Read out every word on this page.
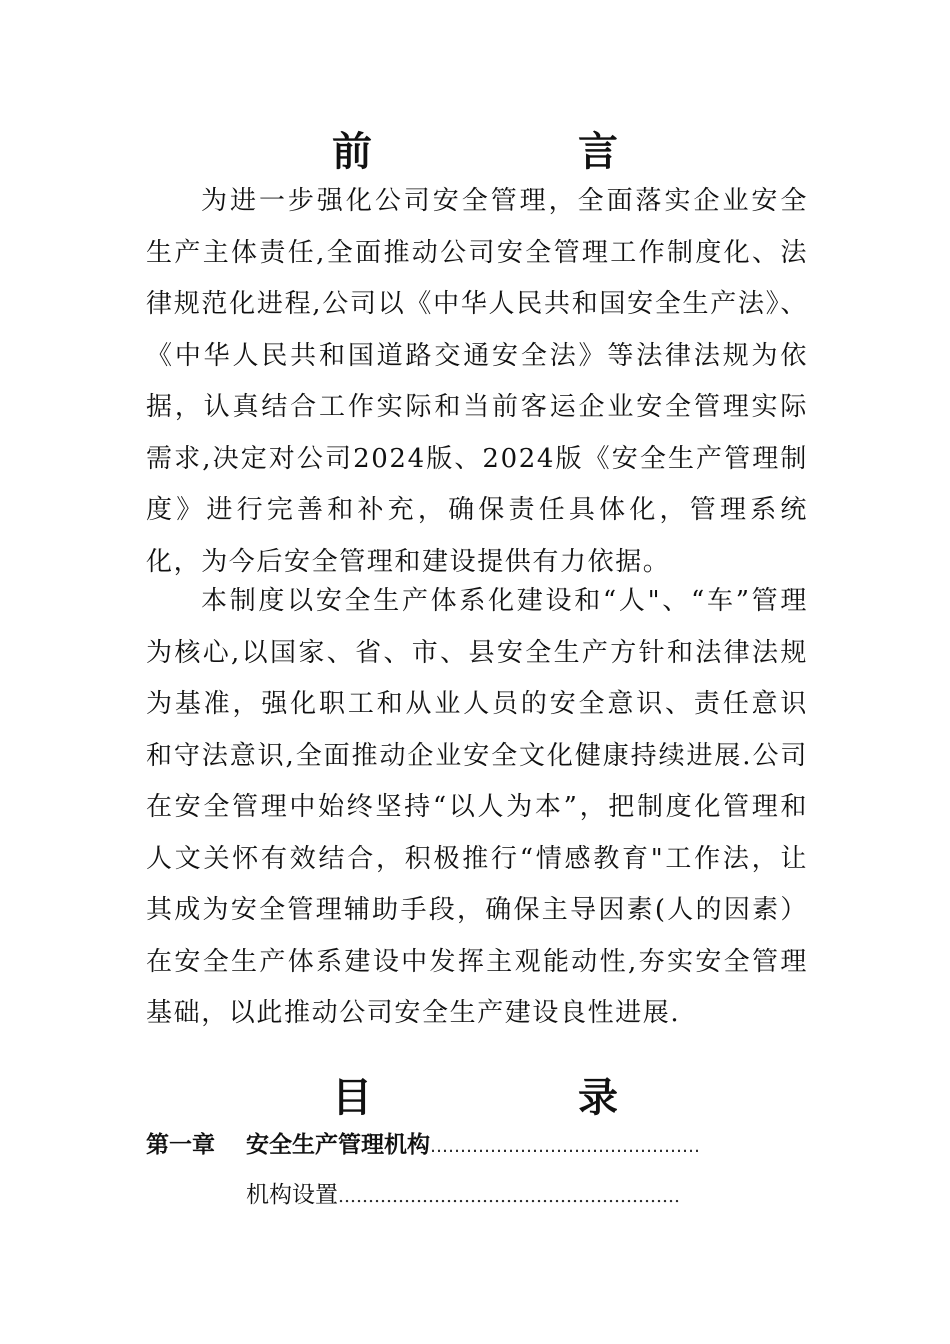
前 言

为进一步强化公司安全管理，全面落实企业安全生产主体责任,全面推动公司安全管理工作制度化、法律规范化进程,公司以《中华人民共和国安全生产法》、《中华人民共和国道路交通安全法》等法律法规为依据，认真结合工作实际和当前客运企业安全管理实际需求,决定对公司2024版、2024版《安全生产管理制度》进行完善和补充，确保责任具体化，管理系统化，为今后安全管理和建设提供有力依据。

本制度以安全生产体系化建设和“人"、“车”管理为核心,以国家、省、市、县安全生产方针和法律法规为基准，强化职工和从业人员的安全意识、责任意识和守法意识,全面推动企业安全文化健康持续进展.公司在安全管理中始终坚持“以人为本”，把制度化管理和人文关怀有效结合，积极推行“情感教育"工作法，让其成为安全管理辅助手段，确保主导因素(人的因素）在安全生产体系建设中发挥主观能动性,夯实安全管理基础，以此推动公司安全生产建设良性进展.

目 录
第一章 安全生产管理机构………………………………………
机构设置…………………………………………………
